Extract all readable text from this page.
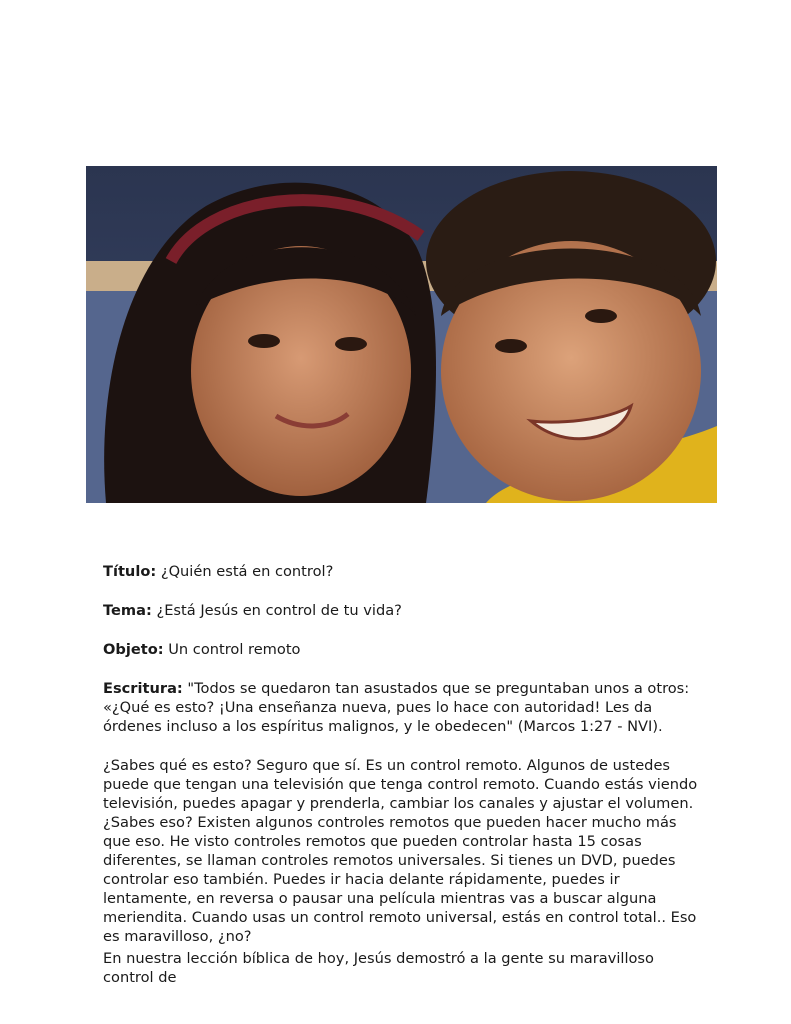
Título: ¿Quién está en control?
Tema: ¿Está Jesús en control de tu vida?
Objeto: Un control remoto
Escritura: "Todos se quedaron tan asustados que se preguntaban unos a otros: «¿Qué es esto? ¡Una enseñanza nueva, pues lo hace con autoridad! Les da órdenes incluso a los espíritus malignos, y le obedecen" (Marcos 1:27 - NVI).

¿Sabes qué es esto? Seguro que sí. Es un control remoto. Algunos de ustedes puede que tengan una televisión que tenga control remoto. Cuando estás viendo televisión, puedes apagar y prenderla, cambiar los canales y ajustar el volumen. ¿Sabes eso? Existen algunos controles remotos que pueden hacer mucho más que eso. He visto controles remotos que pueden controlar hasta 15 cosas diferentes, se llaman controles remotos universales. Si tienes un DVD, puedes controlar eso también. Puedes ir hacia delante rápidamente, puedes ir lentamente, en reversa o pausar una película mientras vas a buscar alguna meriendita. Cuando usas un control remoto universal, estás en control total.. Eso es maravilloso, ¿no?

En nuestra lección bíblica de hoy, Jesús demostró a la gente su maravilloso control de
